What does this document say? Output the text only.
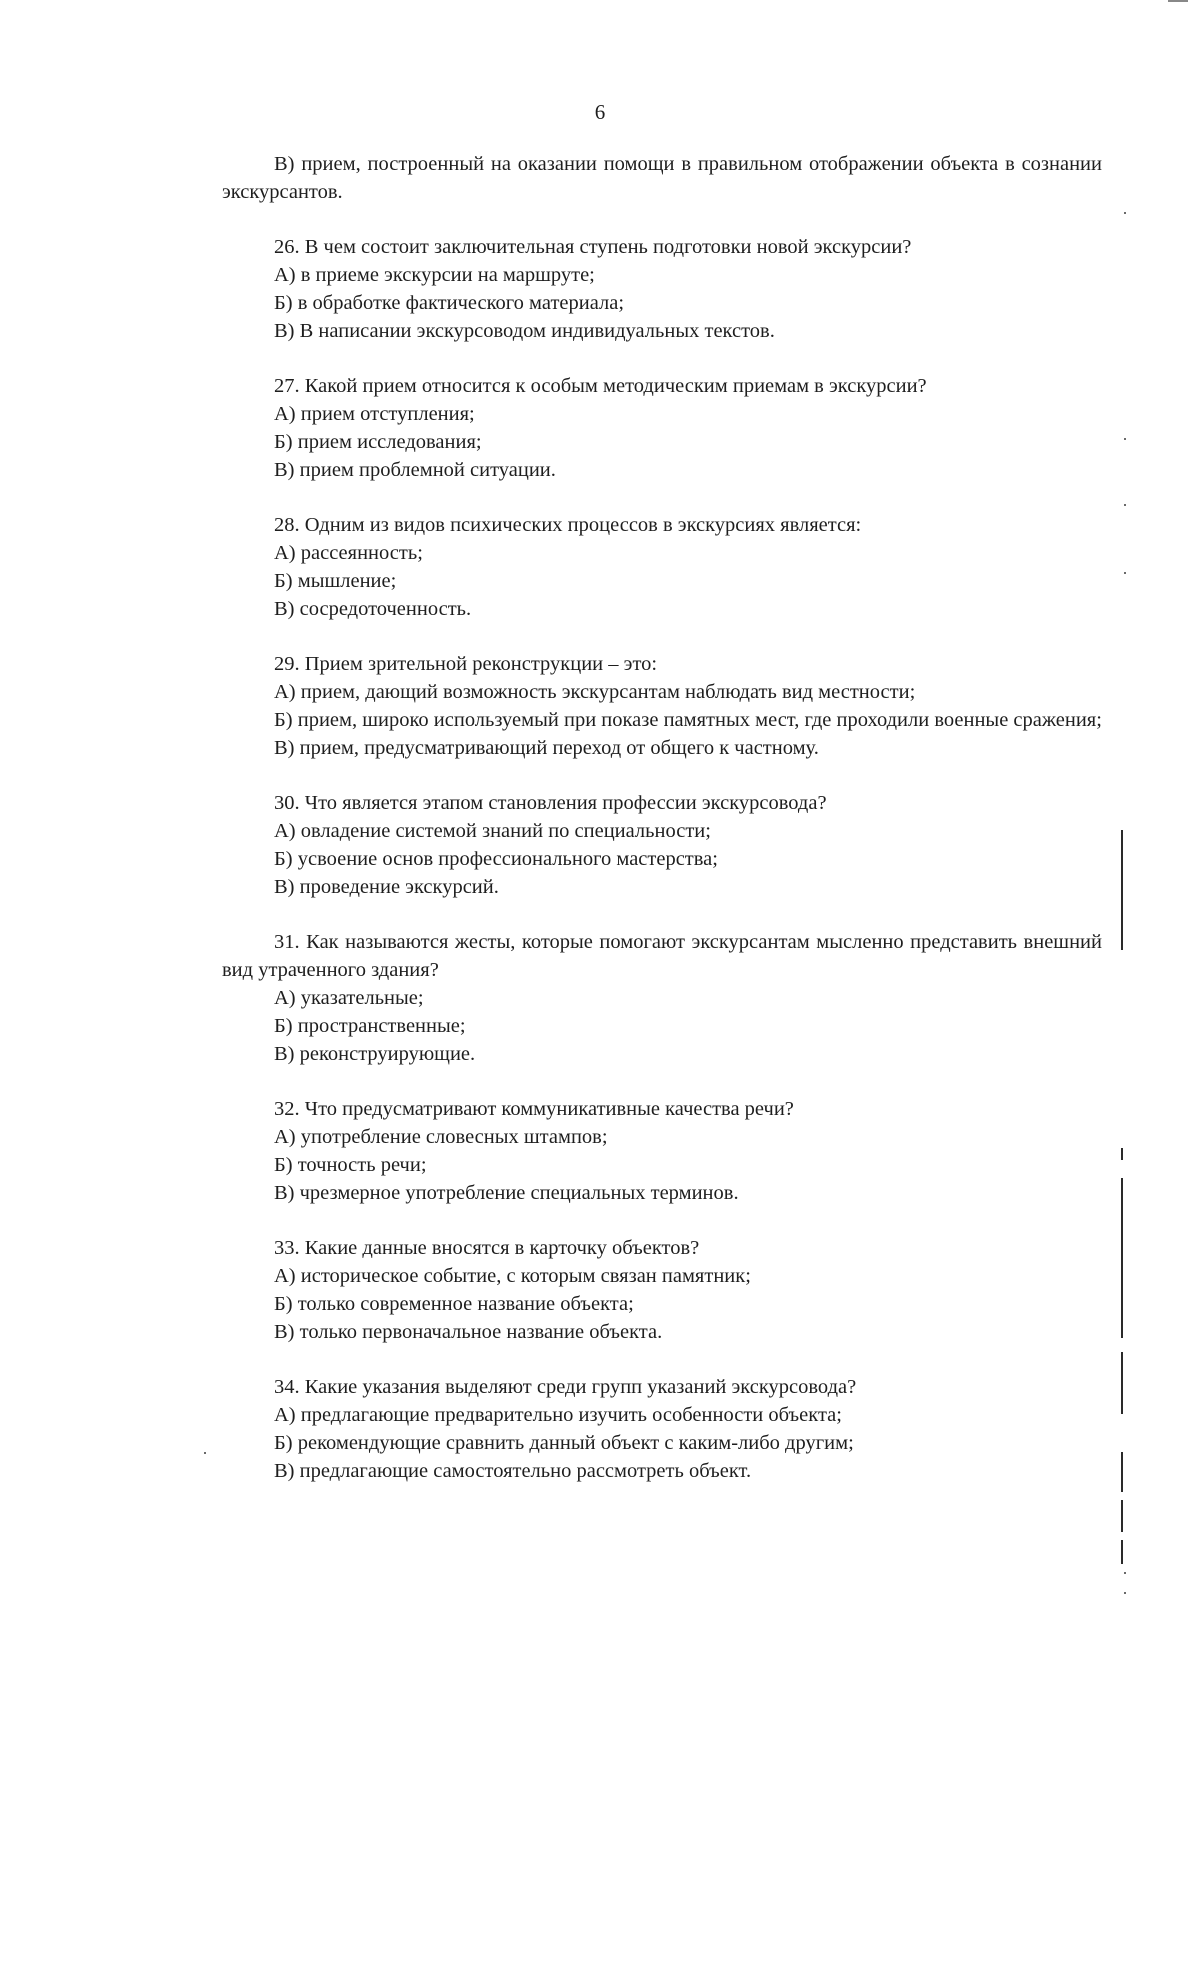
6

В) прием, построенный на оказании помощи в правильном отображении объекта в сознании экскурсантов.

26. В чем состоит заключительная ступень подготовки новой экскурсии?

А) в приеме экскурсии на маршруте;

Б) в обработке фактического материала;

В) В написании экскурсоводом индивидуальных текстов.

27. Какой прием относится к особым методическим приемам в экскурсии?

А) прием отступления;

Б) прием исследования;

В) прием проблемной ситуации.

28. Одним из видов психических процессов в экскурсиях является:

А) рассеянность;

Б) мышление;

В) сосредоточенность.

29. Прием зрительной реконструкции – это:

А) прием, дающий возможность экскурсантам наблюдать вид местности;

Б) прием, широко используемый при показе памятных мест, где проходили военные сражения;

В) прием, предусматривающий переход от общего к частному.

30. Что является этапом становления профессии экскурсовода?

А) овладение системой знаний по специальности;

Б) усвоение основ профессионального мастерства;

В) проведение экскурсий.

31. Как называются жесты, которые помогают экскурсантам мысленно представить внешний вид утраченного здания?

А) указательные;

Б) пространственные;

В) реконструирующие.

32. Что предусматривают коммуникативные качества речи?

А) употребление словесных штампов;

Б) точность речи;

В) чрезмерное употребление специальных терминов.

33. Какие данные вносятся в карточку объектов?

А) историческое событие, с которым связан памятник;

Б) только современное название объекта;

В) только первоначальное название объекта.

34. Какие указания выделяют среди групп указаний экскурсовода?

А) предлагающие предварительно изучить особенности объекта;

Б) рекомендующие сравнить данный объект с каким-либо другим;

В) предлагающие самостоятельно рассмотреть объект.
